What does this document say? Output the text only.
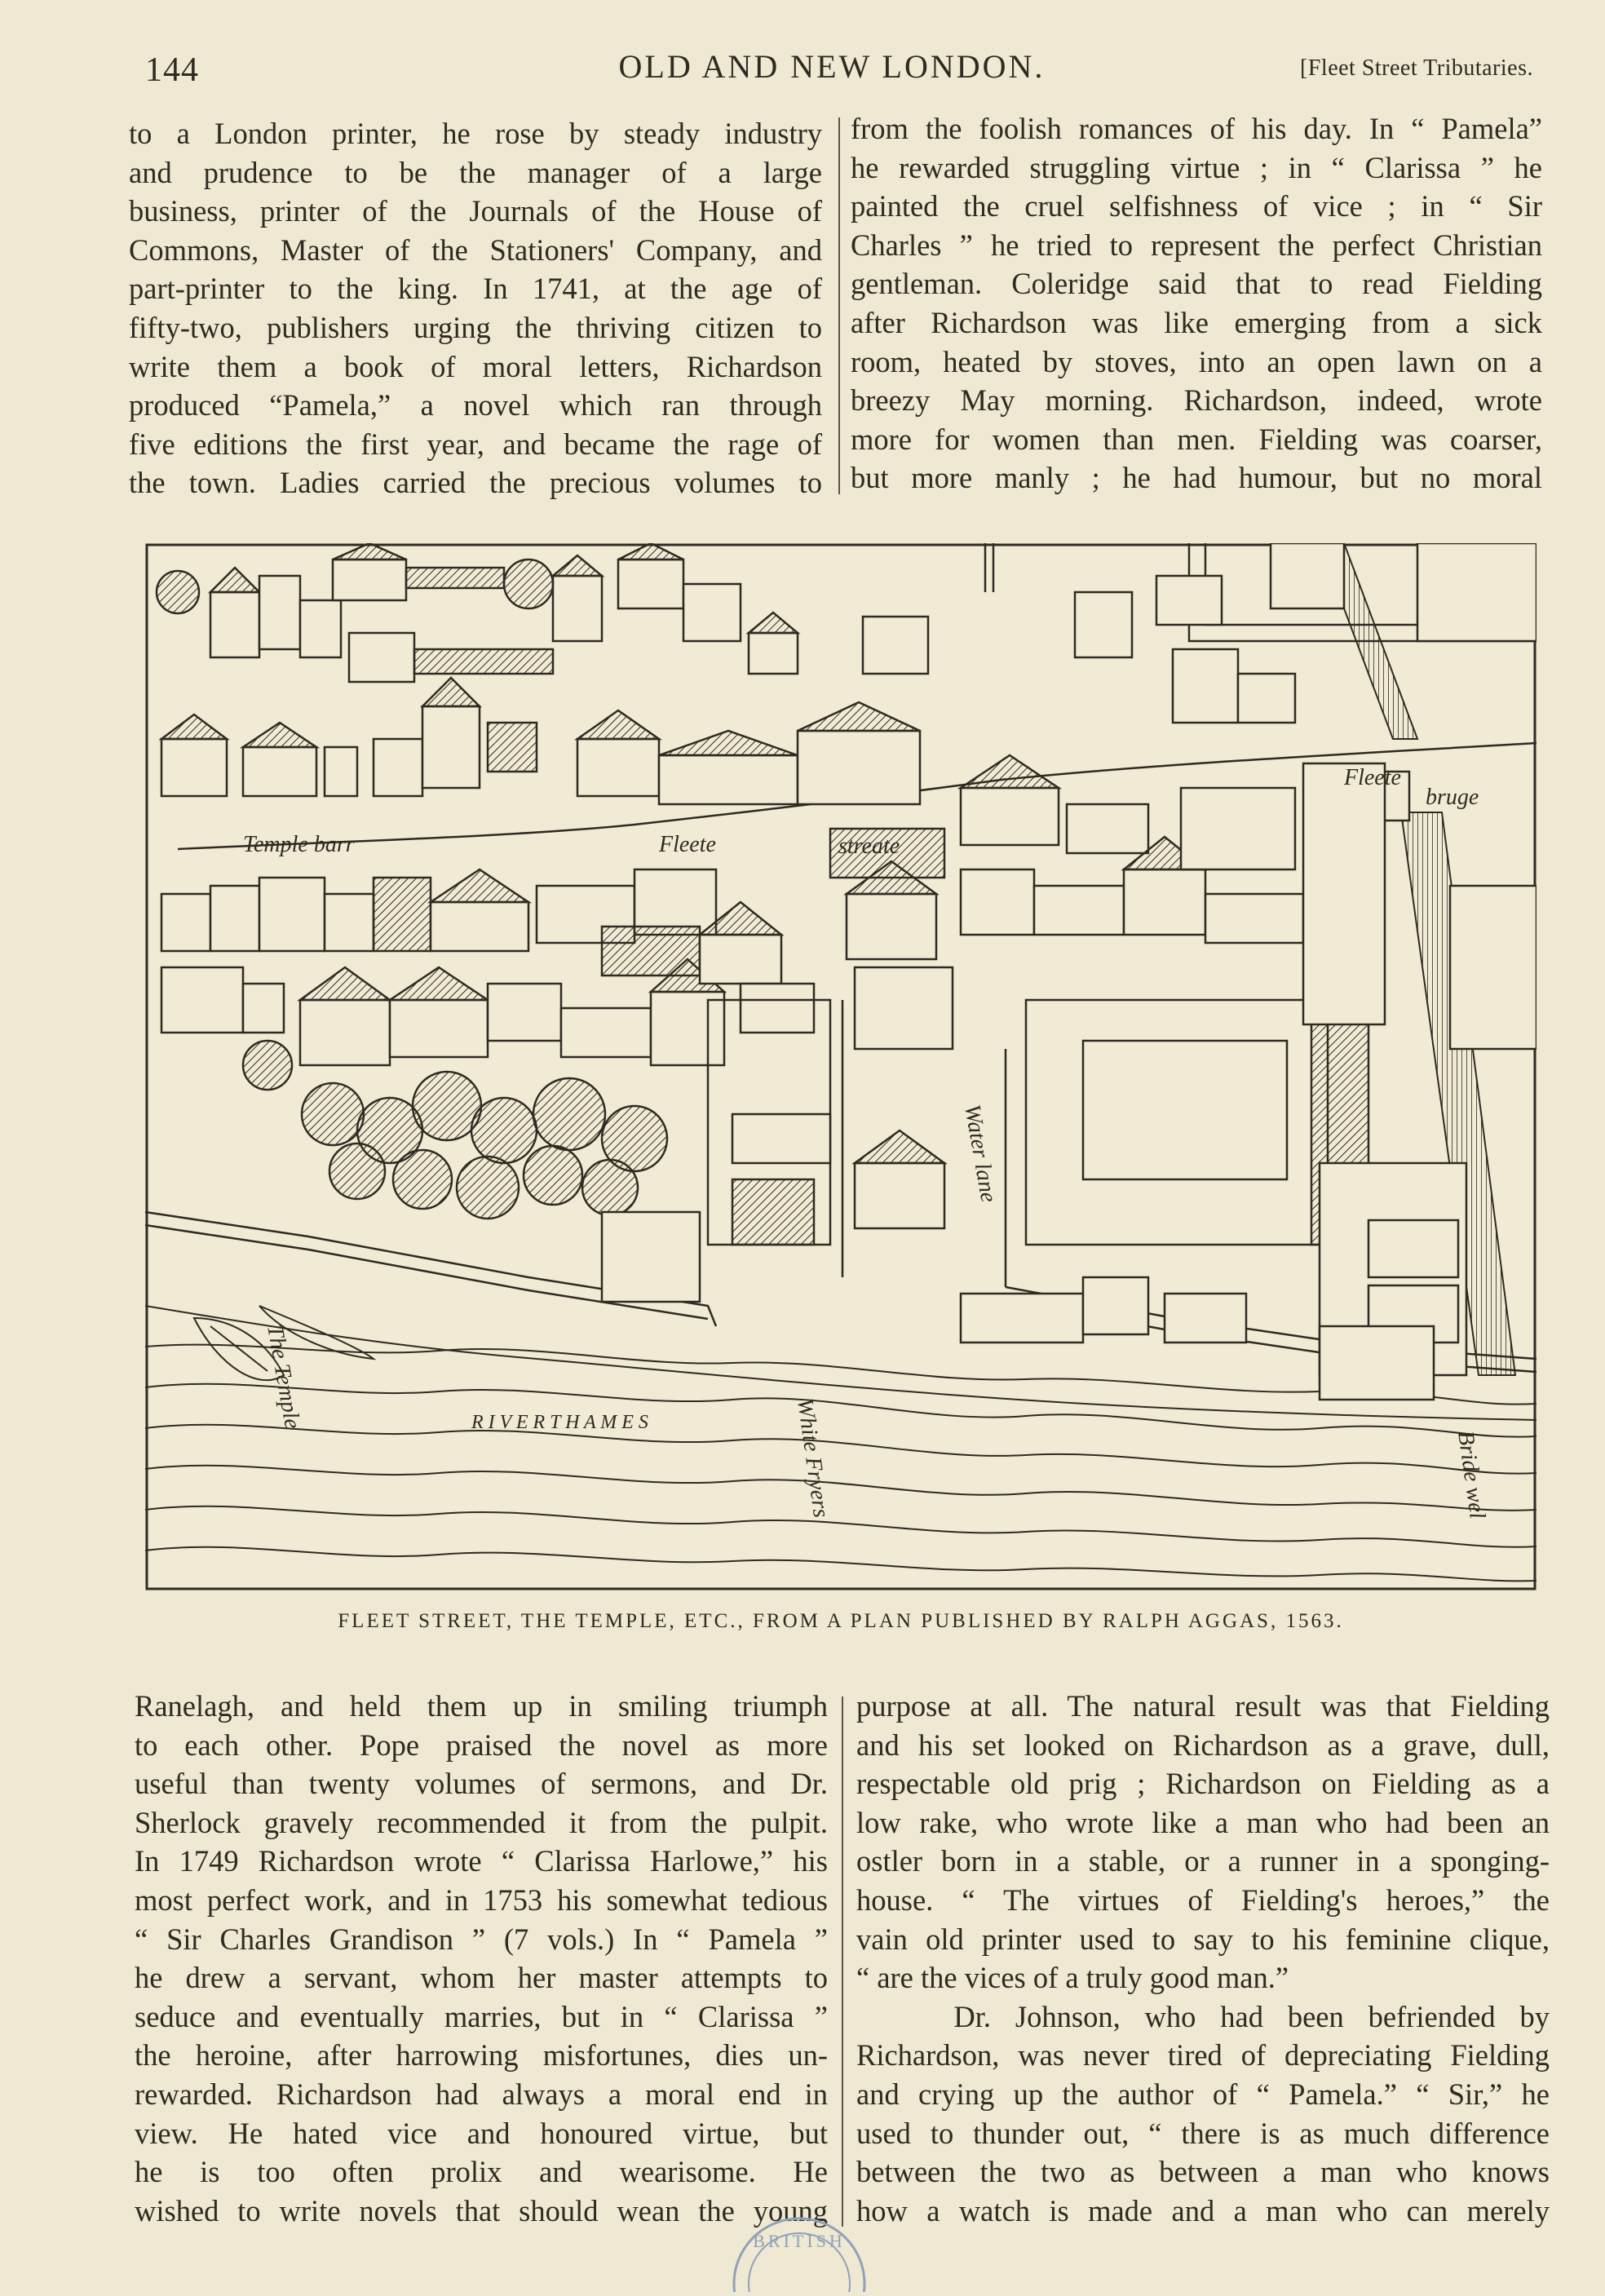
144	OLD AND NEW LONDON.	[Fleet Street Tributaries.
to a London printer, he rose by steady industry
and prudence to be the manager of a large
business, printer of the Journals of the House of
Commons, Master of the Stationers' Company, and
part-printer to the king. In 1741, at the age of
fifty-two, publishers urging the thriving citizen to
write them a book of moral letters, Richardson
produced “Pamela,” a novel which ran through
five editions the first year, and became the rage of
the town. Ladies carried the precious volumes to
from the foolish romances of his day. In “ Pamela”
he rewarded struggling virtue ; in “ Clarissa ” he
painted the cruel selfishness of vice ; in “ Sir
Charles ” he tried to represent the perfect Christian
gentleman. Coleridge said that to read Fielding
after Richardson was like emerging from a sick
room, heated by stoves, into an open lawn on a
breezy May morning. Richardson, indeed, wrote
more for women than men. Fielding was coarser,
but more manly ; he had humour, but no moral
Temple barr	Fleete	streate
Fleete
bruge
Water lane
The Temple
White Fryers	Bride wel
R I V E R T H A M E S
FLEET STREET, THE TEMPLE, ETC., FROM A PLAN PUBLISHED BY RALPH AGGAS, 1563.
Ranelagh, and held them up in smiling triumph
to each other. Pope praised the novel as more
useful than twenty volumes of sermons, and Dr.
Sherlock gravely recommended it from the pulpit.
In 1749 Richardson wrote “ Clarissa Harlowe,” his
most perfect work, and in 1753 his somewhat tedious
“ Sir Charles Grandison ” (7 vols.) In “ Pamela ”
he drew a servant, whom her master attempts to
seduce and eventually marries, but in “ Clarissa ”
the heroine, after harrowing misfortunes, dies un-
rewarded. Richardson had always a moral end in
view. He hated vice and honoured virtue, but
he is too often prolix and wearisome. He
wished to write novels that should wean the young
purpose at all. The natural result was that Fielding
and his set looked on Richardson as a grave, dull,
respectable old prig ; Richardson on Fielding as a
low rake, who wrote like a man who had been an
ostler born in a stable, or a runner in a sponging-
house. “ The virtues of Fielding's heroes,” the
vain old printer used to say to his feminine clique,
“ are the vices of a truly good man.”
Dr. Johnson, who had been befriended by
Richardson, was never tired of depreciating Fielding
and crying up the author of “ Pamela.” “ Sir,” he
used to thunder out, “ there is as much difference
between the two as between a man who knows
how a watch is made and a man who can merely
BRITISH
